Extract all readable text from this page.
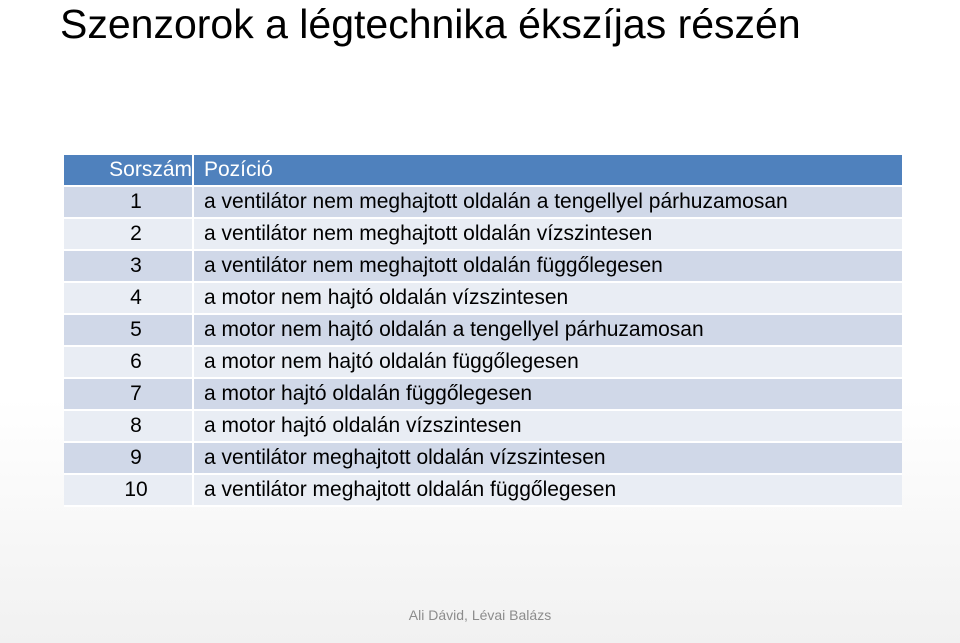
Szenzorok a légtechnika ékszíjas részén
Sorszám	Pozíció
1	a ventilátor nem meghajtott oldalán a tengellyel párhuzamosan
2	a ventilátor nem meghajtott oldalán vízszintesen
3	a ventilátor nem meghajtott oldalán függőlegesen
4	a motor nem hajtó oldalán vízszintesen
5	a motor nem hajtó oldalán a tengellyel párhuzamosan
6	a motor nem hajtó oldalán függőlegesen
7	a motor hajtó oldalán függőlegesen
8	a motor hajtó oldalán vízszintesen
9	a ventilátor meghajtott oldalán vízszintesen
10	a ventilátor meghajtott oldalán függőlegesen
Ali Dávid, Lévai Balázs
